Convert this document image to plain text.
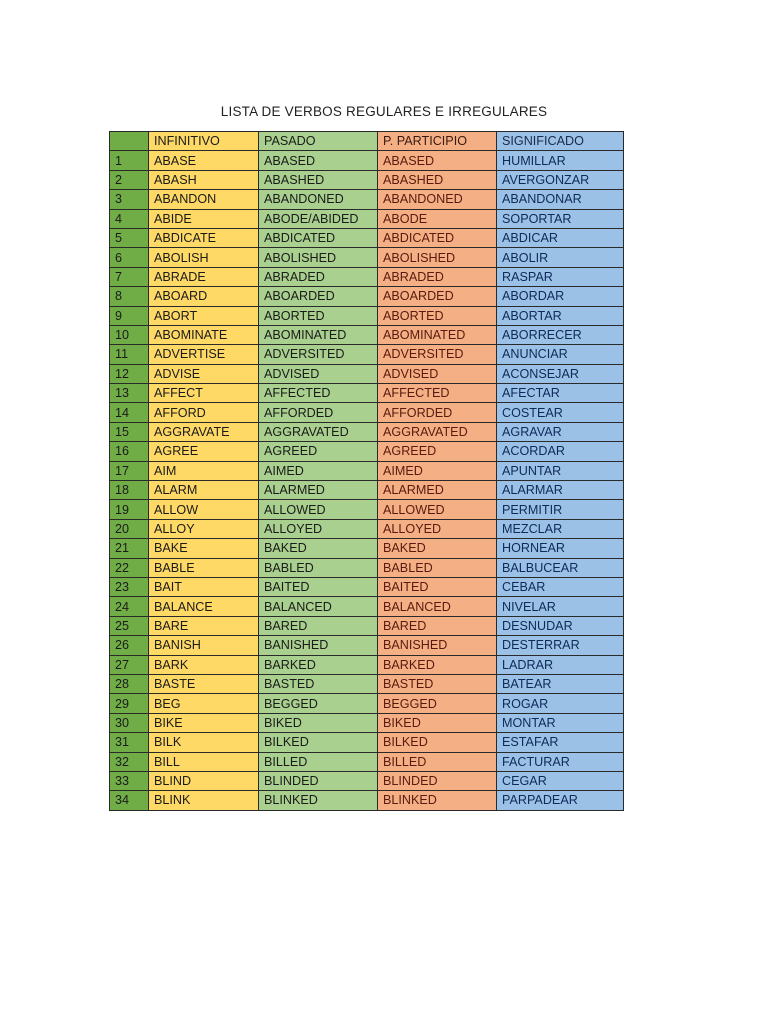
LISTA DE VERBOS REGULARES E IRREGULARES
	INFINITIVO	PASADO	P. PARTICIPIO	SIGNIFICADO
1	ABASE	ABASED	ABASED	HUMILLAR
2	ABASH	ABASHED	ABASHED	AVERGONZAR
3	ABANDON	ABANDONED	ABANDONED	ABANDONAR
4	ABIDE	ABODE/ABIDED	ABODE	SOPORTAR
5	ABDICATE	ABDICATED	ABDICATED	ABDICAR
6	ABOLISH	ABOLISHED	ABOLISHED	ABOLIR
7	ABRADE	ABRADED	ABRADED	RASPAR
8	ABOARD	ABOARDED	ABOARDED	ABORDAR
9	ABORT	ABORTED	ABORTED	ABORTAR
10	ABOMINATE	ABOMINATED	ABOMINATED	ABORRECER
11	ADVERTISE	ADVERSITED	ADVERSITED	ANUNCIAR
12	ADVISE	ADVISED	ADVISED	ACONSEJAR
13	AFFECT	AFFECTED	AFFECTED	AFECTAR
14	AFFORD	AFFORDED	AFFORDED	COSTEAR
15	AGGRAVATE	AGGRAVATED	AGGRAVATED	AGRAVAR
16	AGREE	AGREED	AGREED	ACORDAR
17	AIM	AIMED	AIMED	APUNTAR
18	ALARM	ALARMED	ALARMED	ALARMAR
19	ALLOW	ALLOWED	ALLOWED	PERMITIR
20	ALLOY	ALLOYED	ALLOYED	MEZCLAR
21	BAKE	BAKED	BAKED	HORNEAR
22	BABLE	BABLED	BABLED	BALBUCEAR
23	BAIT	BAITED	BAITED	CEBAR
24	BALANCE	BALANCED	BALANCED	NIVELAR
25	BARE	BARED	BARED	DESNUDAR
26	BANISH	BANISHED	BANISHED	DESTERRAR
27	BARK	BARKED	BARKED	LADRAR
28	BASTE	BASTED	BASTED	BATEAR
29	BEG	BEGGED	BEGGED	ROGAR
30	BIKE	BIKED	BIKED	MONTAR
31	BILK	BILKED	BILKED	ESTAFAR
32	BILL	BILLED	BILLED	FACTURAR
33	BLIND	BLINDED	BLINDED	CEGAR
34	BLINK	BLINKED	BLINKED	PARPADEAR
